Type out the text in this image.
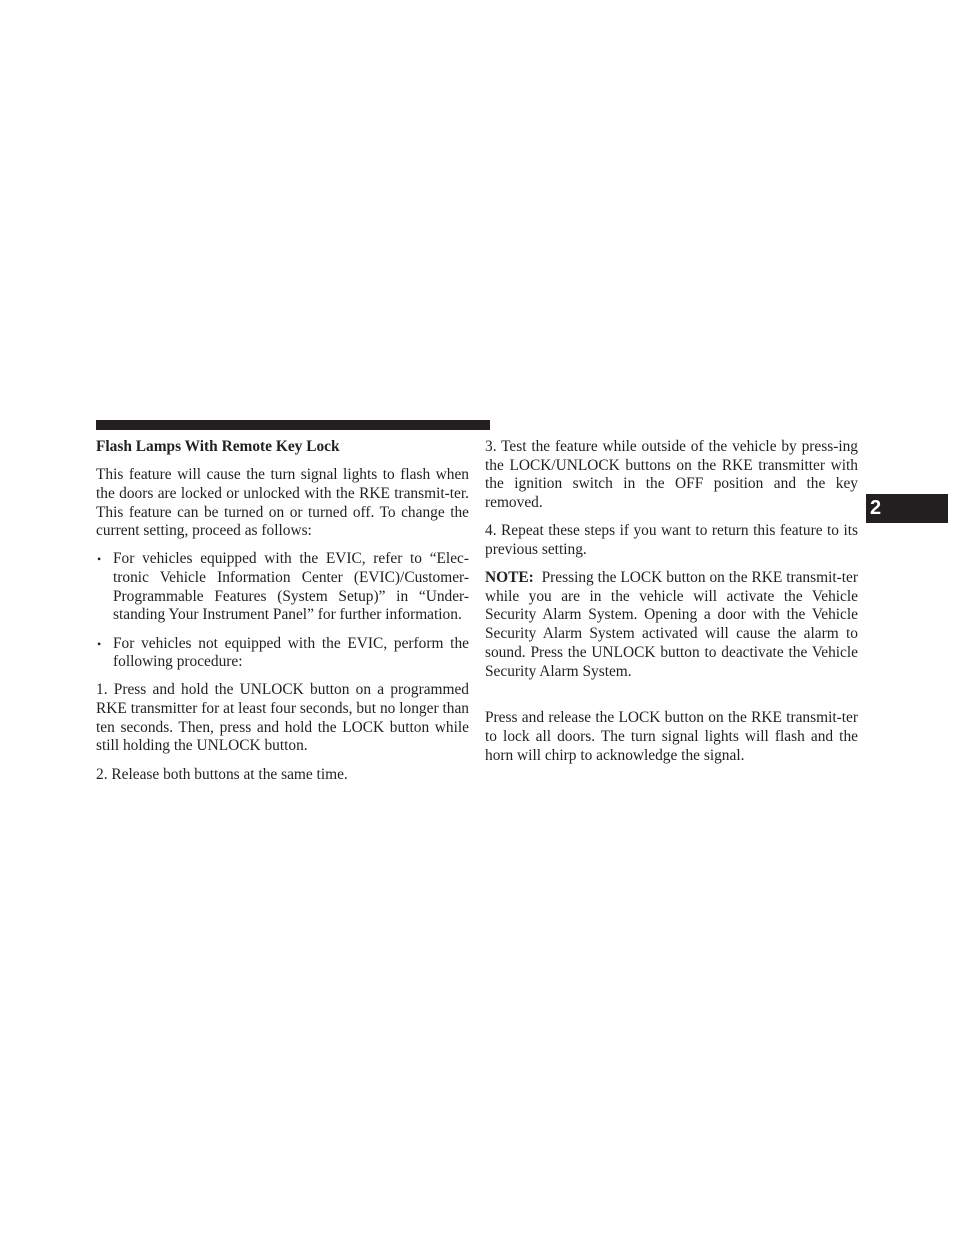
Flash Lamps With Remote Key Lock

This feature will cause the turn signal lights to flash when the doors are locked or unlocked with the RKE transmit-ter. This feature can be turned on or turned off. To change the current setting, proceed as follows:

• For vehicles equipped with the EVIC, refer to “Elec-tronic Vehicle Information Center (EVIC)/Customer-Programmable Features (System Setup)” in “Under-standing Your Instrument Panel” for further information.
• For vehicles not equipped with the EVIC, perform the following procedure:

1. Press and hold the UNLOCK button on a programmed RKE transmitter for at least four seconds, but no longer than ten seconds. Then, press and hold the LOCK button while still holding the UNLOCK button.

2. Release both buttons at the same time.

3. Test the feature while outside of the vehicle by press-ing the LOCK/UNLOCK buttons on the RKE transmitter with the ignition switch in the OFF position and the key removed.

4. Repeat these steps if you want to return this feature to its previous setting.

NOTE: Pressing the LOCK button on the RKE transmit-ter while you are in the vehicle will activate the Vehicle Security Alarm System. Opening a door with the Vehicle Security Alarm System activated will cause the alarm to sound. Press the UNLOCK button to deactivate the Vehicle Security Alarm System.

Press and release the LOCK button on the RKE transmit-ter to lock all doors. The turn signal lights will flash and the horn will chirp to acknowledge the signal.

2
